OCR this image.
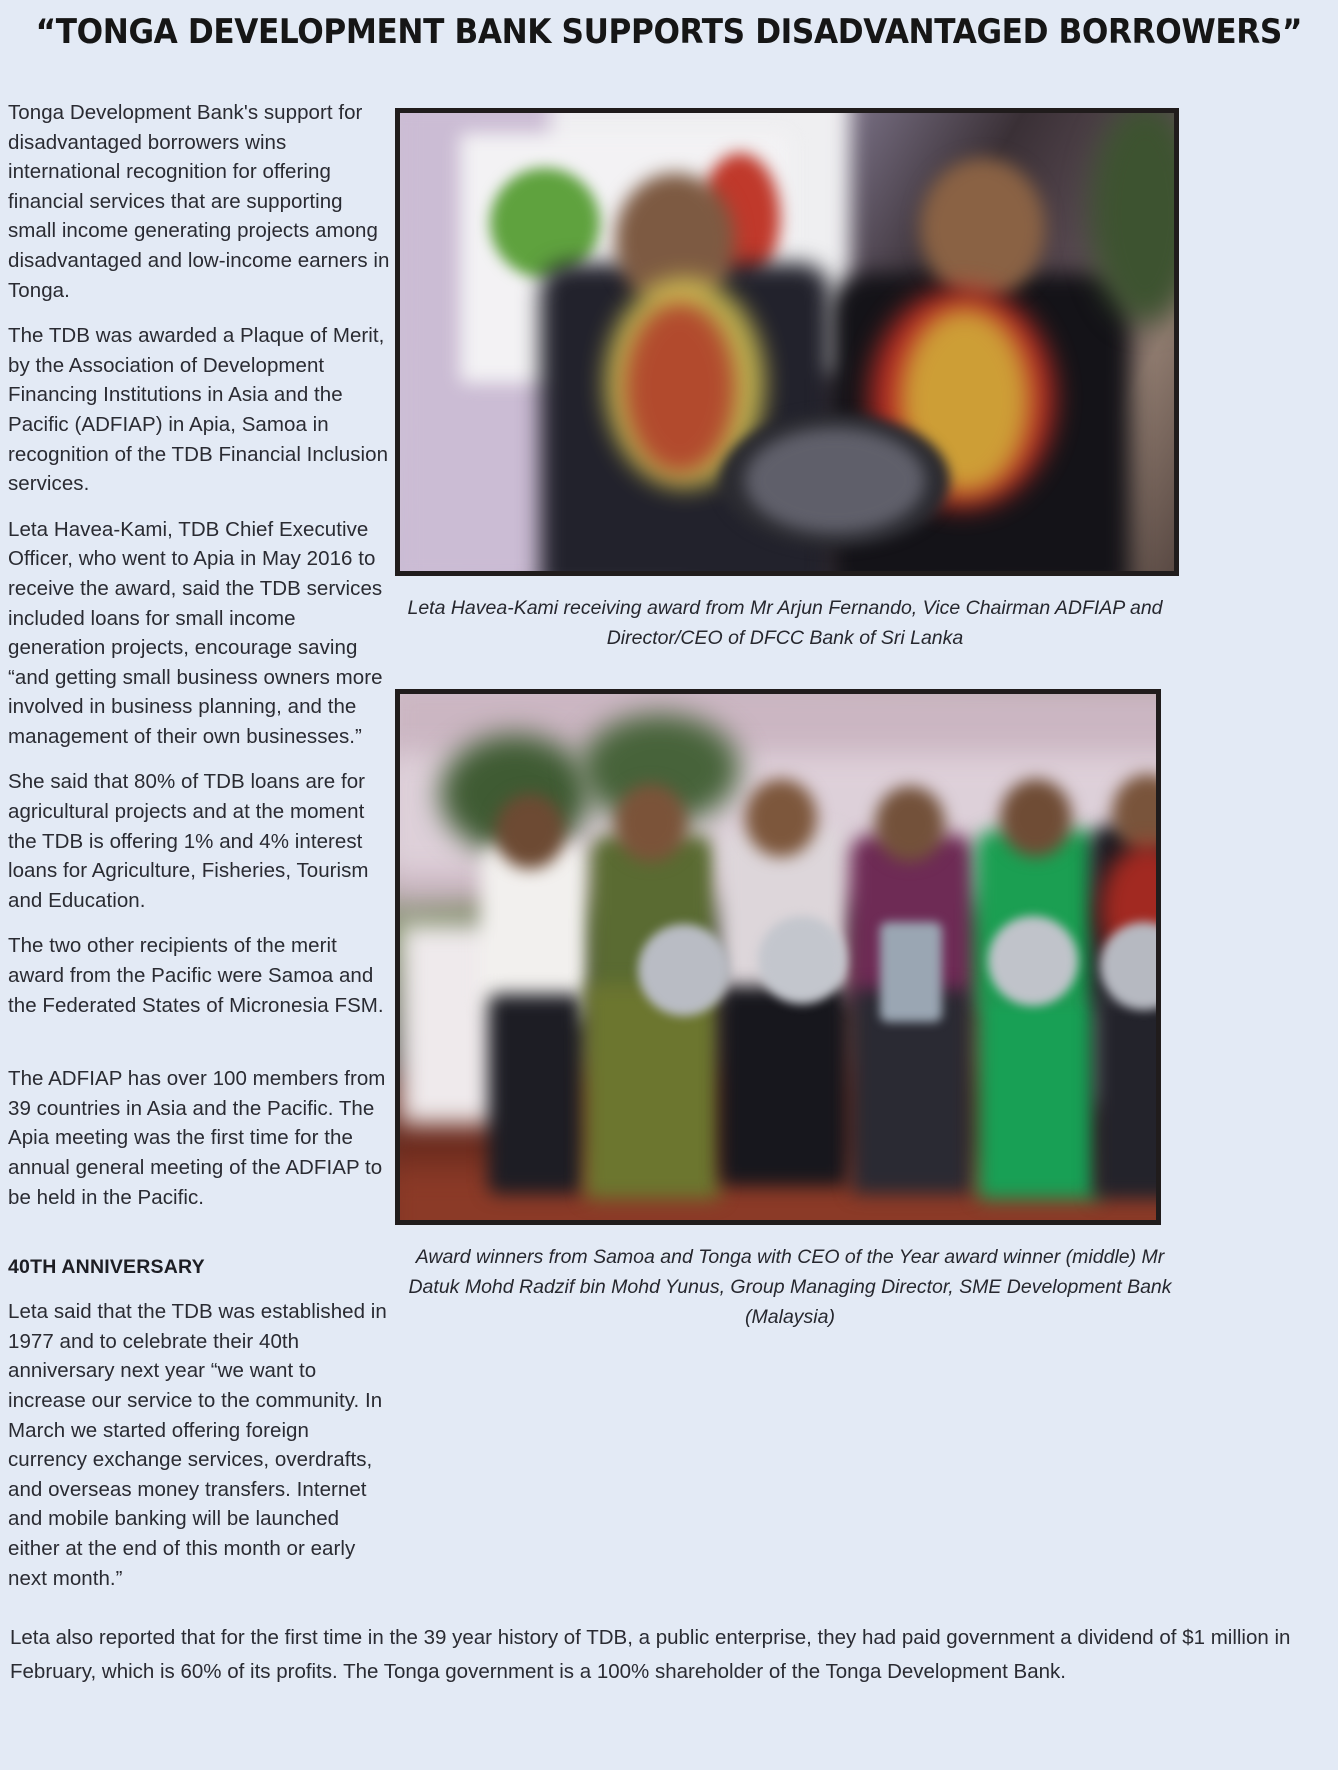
“TONGA DEVELOPMENT BANK SUPPORTS DISADVANTAGED BORROWERS”

Tonga Development Bank's support for disadvantaged borrowers wins international recognition for offering financial services that are supporting small income generating projects among disadvantaged and low-income earners in Tonga.

The TDB was awarded a Plaque of Merit, by the Association of Development Financing Institutions in Asia and the Pacific (ADFIAP) in Apia, Samoa in recognition of the TDB Financial Inclusion services.

Leta Havea-Kami, TDB Chief Executive Officer, who went to Apia in May 2016 to receive the award, said the TDB services included loans for small income generation projects, encourage saving “and getting small business owners more involved in business planning, and the management of their own businesses.”

She said that 80% of TDB loans are for agricultural projects and at the moment the TDB is offering 1% and 4% interest loans for Agriculture, Fisheries, Tourism and Education.

The two other recipients of the merit award from the Pacific were Samoa and the Federated States of Micronesia FSM.

The ADFIAP has over 100 members from 39 countries in Asia and the Pacific. The Apia meeting was the first time for the annual general meeting of the ADFIAP to be held in the Pacific.

40TH ANNIVERSARY

Leta said that the TDB was established in 1977 and to celebrate their 40th anniversary next year “we want to increase our service to the community. In March we started offering foreign currency exchange services, overdrafts, and overseas money transfers. Internet and mobile banking will be launched either at the end of this month or early next month.”

Leta Havea-Kami receiving award from Mr Arjun Fernando, Vice Chairman ADFIAP and Director/CEO of DFCC Bank of Sri Lanka
Award winners from Samoa and Tonga with CEO of the Year award winner (middle) Mr Datuk Mohd Radzif bin Mohd Yunus, Group Managing Director, SME Development Bank (Malaysia)

Leta also reported that for the first time in the 39 year history of TDB, a public enterprise, they had paid government a dividend of $1 million in February, which is 60% of its profits. The Tonga government is a 100% shareholder of the Tonga Development Bank.
